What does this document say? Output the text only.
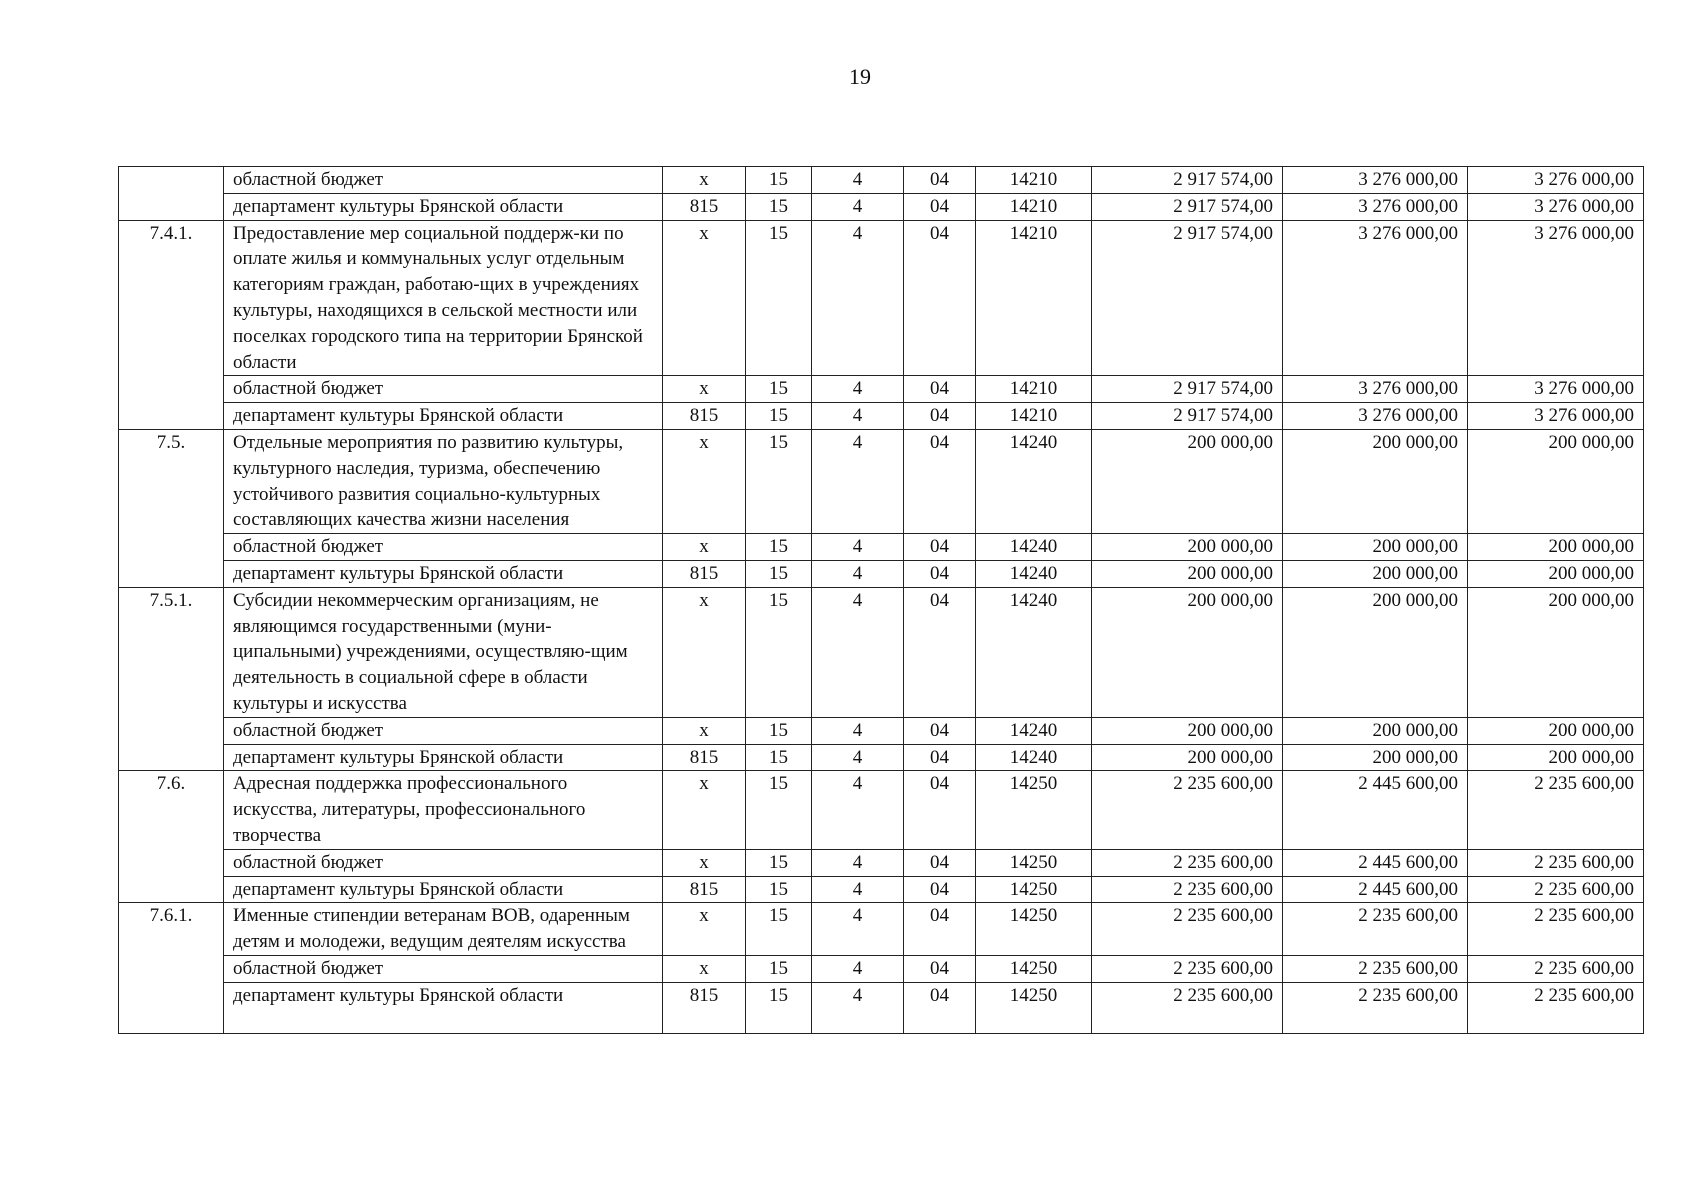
19
	областной бюджет	x	15	4	04	14210	2 917 574,00	3 276 000,00	3 276 000,00
	департамент культуры Брянской области	815	15	4	04	14210	2 917 574,00	3 276 000,00	3 276 000,00
7.4.1.	Предоставление мер социальной поддерж-ки по оплате жилья и коммунальных услуг отдельным категориям граждан, работаю-щих в учреждениях культуры, находящихся в сельской местности или поселках городского типа на территории Брянской области	x	15	4	04	14210	2 917 574,00	3 276 000,00	3 276 000,00
	областной бюджет	x	15	4	04	14210	2 917 574,00	3 276 000,00	3 276 000,00
	департамент культуры Брянской области	815	15	4	04	14210	2 917 574,00	3 276 000,00	3 276 000,00
7.5.	Отдельные мероприятия по развитию культуры, культурного наследия, туризма, обеспечению устойчивого развития социально-культурных составляющих качества жизни населения	x	15	4	04	14240	200 000,00	200 000,00	200 000,00
	областной бюджет	x	15	4	04	14240	200 000,00	200 000,00	200 000,00
	департамент культуры Брянской области	815	15	4	04	14240	200 000,00	200 000,00	200 000,00
7.5.1.	Субсидии некоммерческим организациям, не являющимся государственными (муни-ципальными) учреждениями, осуществляю-щим деятельность в социальной сфере в области культуры и искусства	x	15	4	04	14240	200 000,00	200 000,00	200 000,00
	областной бюджет	x	15	4	04	14240	200 000,00	200 000,00	200 000,00
	департамент культуры Брянской области	815	15	4	04	14240	200 000,00	200 000,00	200 000,00
7.6.	Адресная поддержка профессионального искусства, литературы, профессионального творчества	x	15	4	04	14250	2 235 600,00	2 445 600,00	2 235 600,00
	областной бюджет	x	15	4	04	14250	2 235 600,00	2 445 600,00	2 235 600,00
	департамент культуры Брянской области	815	15	4	04	14250	2 235 600,00	2 445 600,00	2 235 600,00
7.6.1.	Именные стипендии ветеранам ВОВ, одаренным детям и молодежи, ведущим деятелям искусства	x	15	4	04	14250	2 235 600,00	2 235 600,00	2 235 600,00
	областной бюджет	x	15	4	04	14250	2 235 600,00	2 235 600,00	2 235 600,00
	департамент культуры Брянской области	815	15	4	04	14250	2 235 600,00	2 235 600,00	2 235 600,00
